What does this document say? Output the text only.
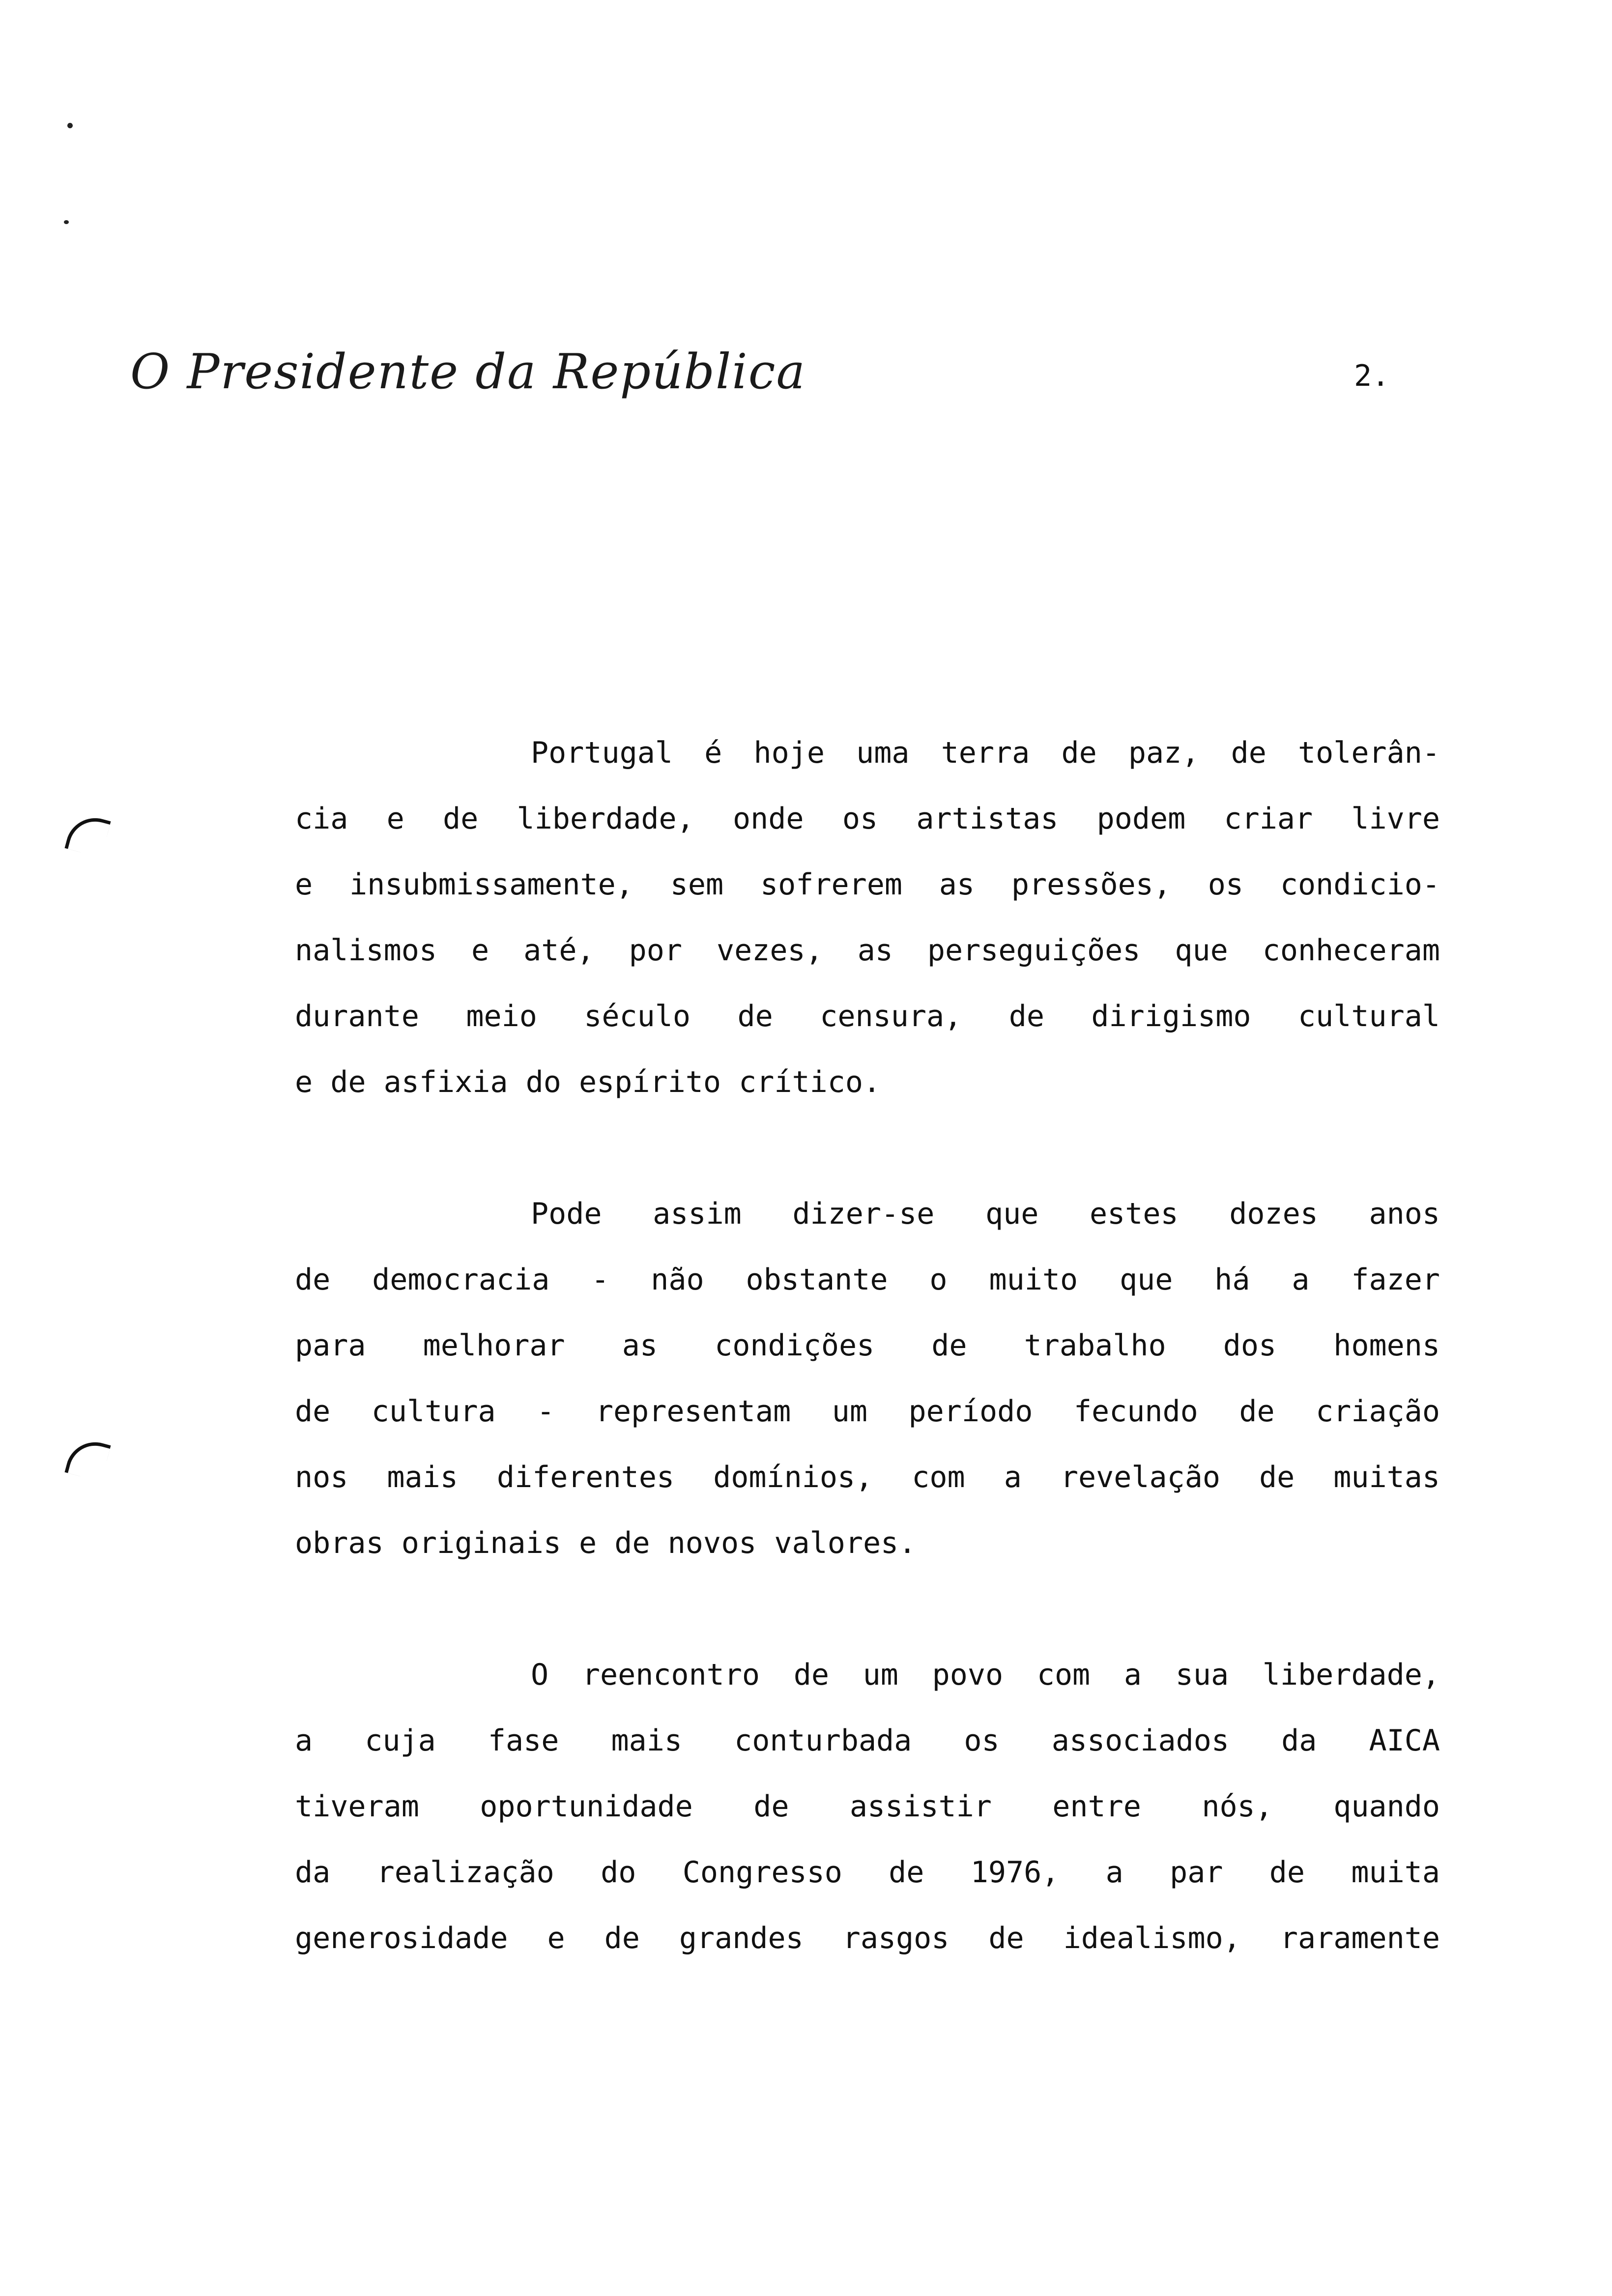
O Presidente da República	2.
Portugal é hoje uma terra de paz, de tolerân-
cia e de liberdade, onde os artistas podem criar livre
e insubmissamente, sem sofrerem as pressões, os condicio-
nalismos e até, por vezes, as perseguições que conheceram
durante meio século de censura, de dirigismo cultural
e de asfixia do espírito crítico.
Pode assim dizer-se que estes dozes anos
de democracia - não obstante o muito que há a fazer
para melhorar as condições de trabalho dos homens
de cultura - representam um período fecundo de criação
nos mais diferentes domínios, com a revelação de muitas
obras originais e de novos valores.
O reencontro de um povo com a sua liberdade,
a cuja fase mais conturbada os associados da AICA
tiveram oportunidade de assistir entre nós, quando
da realização do Congresso de 1976, a par de muita
generosidade e de grandes rasgos de idealismo, raramente
